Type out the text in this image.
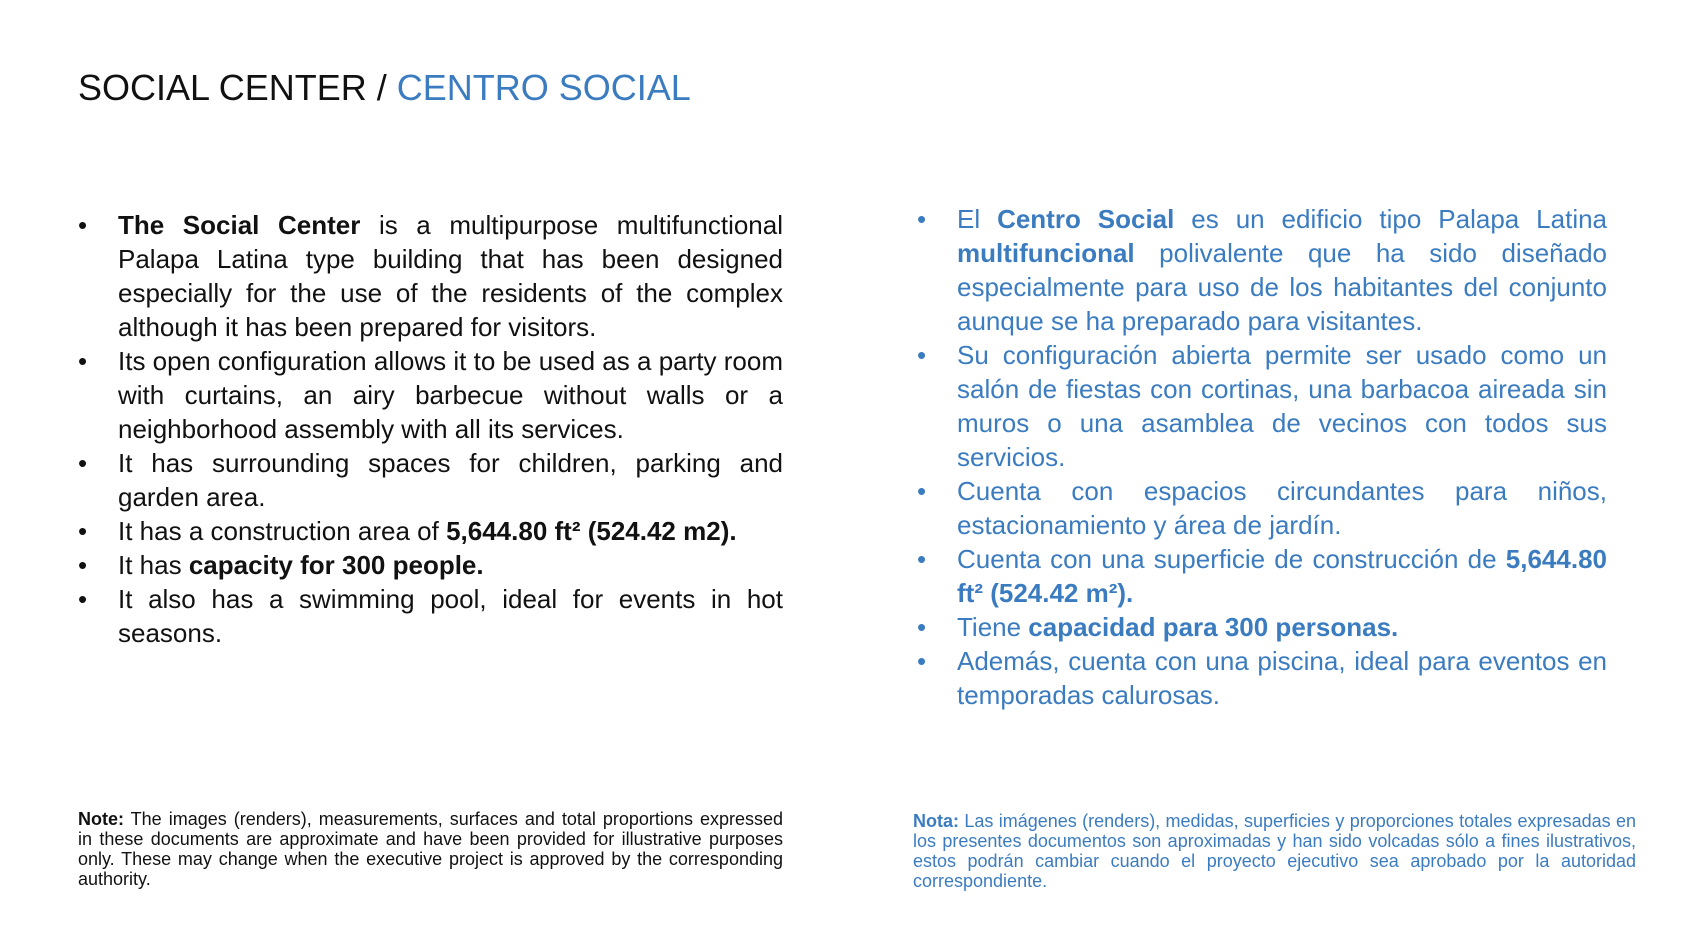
SOCIAL CENTER / CENTRO SOCIAL
•	The Social Center is a multipurpose multifunctional Palapa Latina type building that has been designed especially for the use of the residents of the complex although it has been prepared for visitors.
•	Its open configuration allows it to be used as a party room with curtains, an airy barbecue without walls or a neighborhood assembly with all its services.
•	It has surrounding spaces for children, parking and garden area.
•	It has a construction area of 5,644.80 ft² (524.42 m2).
•	It has capacity for 300 people.
•	It also has a swimming pool, ideal for events in hot seasons.
•	El Centro Social es un edificio tipo Palapa Latina multifuncional polivalente que ha sido diseñado especialmente para uso de los habitantes del conjunto aunque se ha preparado para visitantes.
•	Su configuración abierta permite ser usado como un salón de fiestas con cortinas, una barbacoa aireada sin muros o una asamblea de vecinos con todos sus servicios.
•	Cuenta con espacios circundantes para niños, estacionamiento y área de jardín.
•	Cuenta con una superficie de construcción de 5,644.80 ft² (524.42 m²).
•	Tiene capacidad para 300 personas.
•	Además, cuenta con una piscina, ideal para eventos en temporadas calurosas.

Note: The images (renders), measurements, surfaces and total proportions expressed in these documents are approximate and have been provided for illustrative purposes only. These may change when the executive project is approved by the corresponding authority.

Nota: Las imágenes (renders), medidas, superficies y proporciones totales expresadas en los presentes documentos son aproximadas y han sido volcadas sólo a fines ilustrativos, estos podrán cambiar cuando el proyecto ejecutivo sea aprobado por la autoridad correspondiente.
